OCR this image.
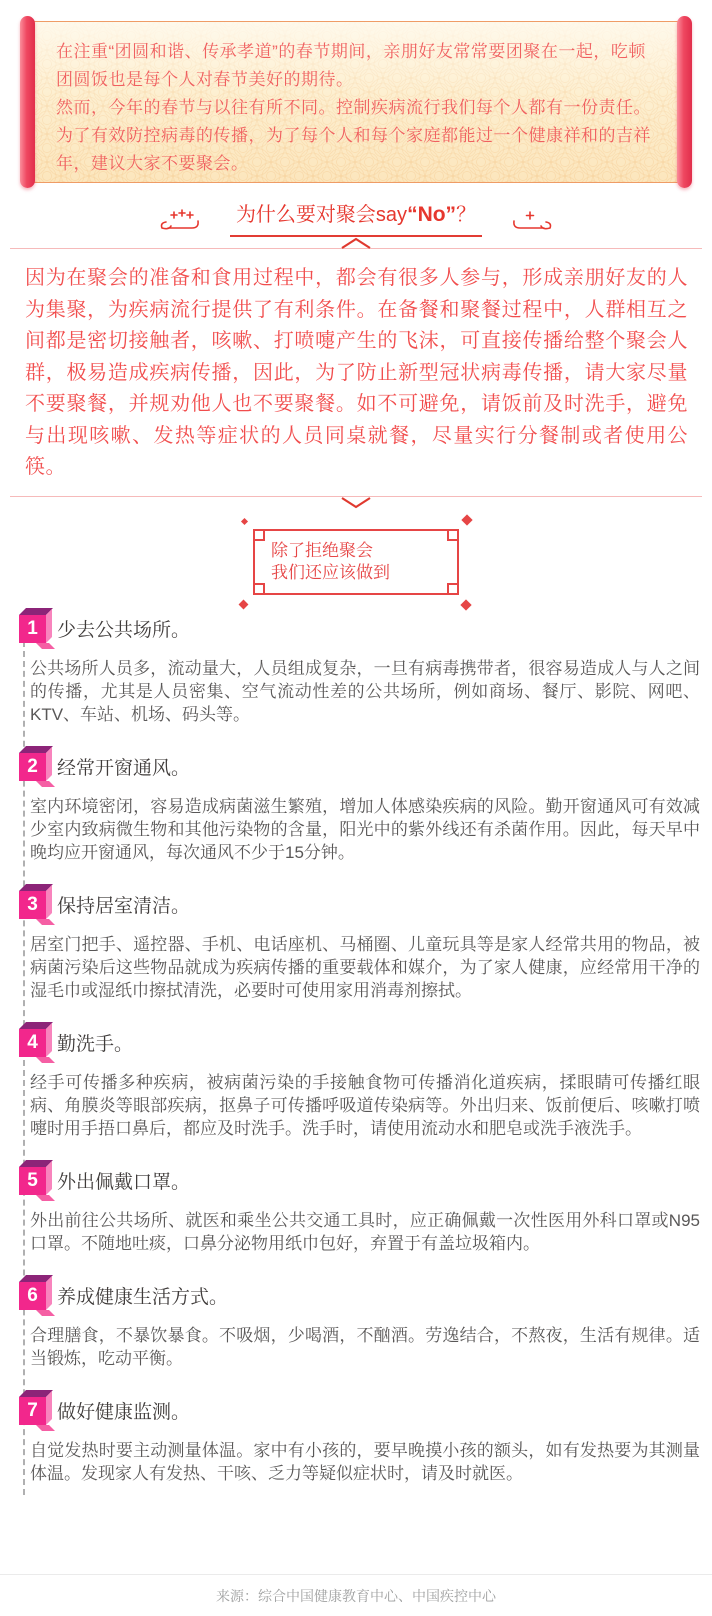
在注重“团圆和谐、传承孝道”的春节期间，亲朋好友常常要团聚在一起，吃顿团圆饭也是每个人对春节美好的期待。

然而，今年的春节与以往有所不同。控制疾病流行我们每个人都有一份责任。为了有效防控病毒的传播，为了每个人和每个家庭都能过一个健康祥和的吉祥年，建议大家不要聚会。

为什么要对聚会say“No”？
因为在聚会的准备和食用过程中，都会有很多人参与，形成亲朋好友的人为集聚，为疾病流行提供了有利条件。在备餐和聚餐过程中，人群相互之间都是密切接触者，咳嗽、打喷嚏产生的飞沫，可直接传播给整个聚会人群，极易造成疾病传播，因此，为了防止新型冠状病毒传播，请大家尽量不要聚餐，并规劝他人也不要聚餐。如不可避免，请饭前及时洗手，避免与出现咳嗽、发热等症状的人员同桌就餐，尽量实行分餐制或者使用公筷。
除了拒绝聚会
我们还应该做到
1 少去公共场所。
公共场所人员多，流动量大，人员组成复杂，一旦有病毒携带者，很容易造成人与人之间的传播，尤其是人员密集、空气流动性差的公共场所，例如商场、餐厅、影院、网吧、KTV、车站、机场、码头等。
2 经常开窗通风。
室内环境密闭，容易造成病菌滋生繁殖，增加人体感染疾病的风险。勤开窗通风可有效减少室内致病微生物和其他污染物的含量，阳光中的紫外线还有杀菌作用。因此，每天早中晚均应开窗通风，每次通风不少于15分钟。
3 保持居室清洁。
居室门把手、遥控器、手机、电话座机、马桶圈、儿童玩具等是家人经常共用的物品，被病菌污染后这些物品就成为疾病传播的重要载体和媒介，为了家人健康，应经常用干净的湿毛巾或湿纸巾擦拭清洗，必要时可使用家用消毒剂擦拭。
4 勤洗手。
经手可传播多种疾病，被病菌污染的手接触食物可传播消化道疾病，揉眼睛可传播红眼病、角膜炎等眼部疾病，抠鼻子可传播呼吸道传染病等。外出归来、饭前便后、咳嗽打喷嚏时用手捂口鼻后，都应及时洗手。洗手时，请使用流动水和肥皂或洗手液洗手。
5 外出佩戴口罩。
外出前往公共场所、就医和乘坐公共交通工具时，应正确佩戴一次性医用外科口罩或N95口罩。不随地吐痰，口鼻分泌物用纸巾包好，弃置于有盖垃圾箱内。
6 养成健康生活方式。
合理膳食，不暴饮暴食。不吸烟，少喝酒，不酗酒。劳逸结合，不熬夜，生活有规律。适当锻炼，吃动平衡。
7 做好健康监测。
自觉发热时要主动测量体温。家中有小孩的，要早晚摸小孩的额头，如有发热要为其测量体温。发现家人有发热、干咳、乏力等疑似症状时，请及时就医。
来源：综合中国健康教育中心、中国疾控中心
